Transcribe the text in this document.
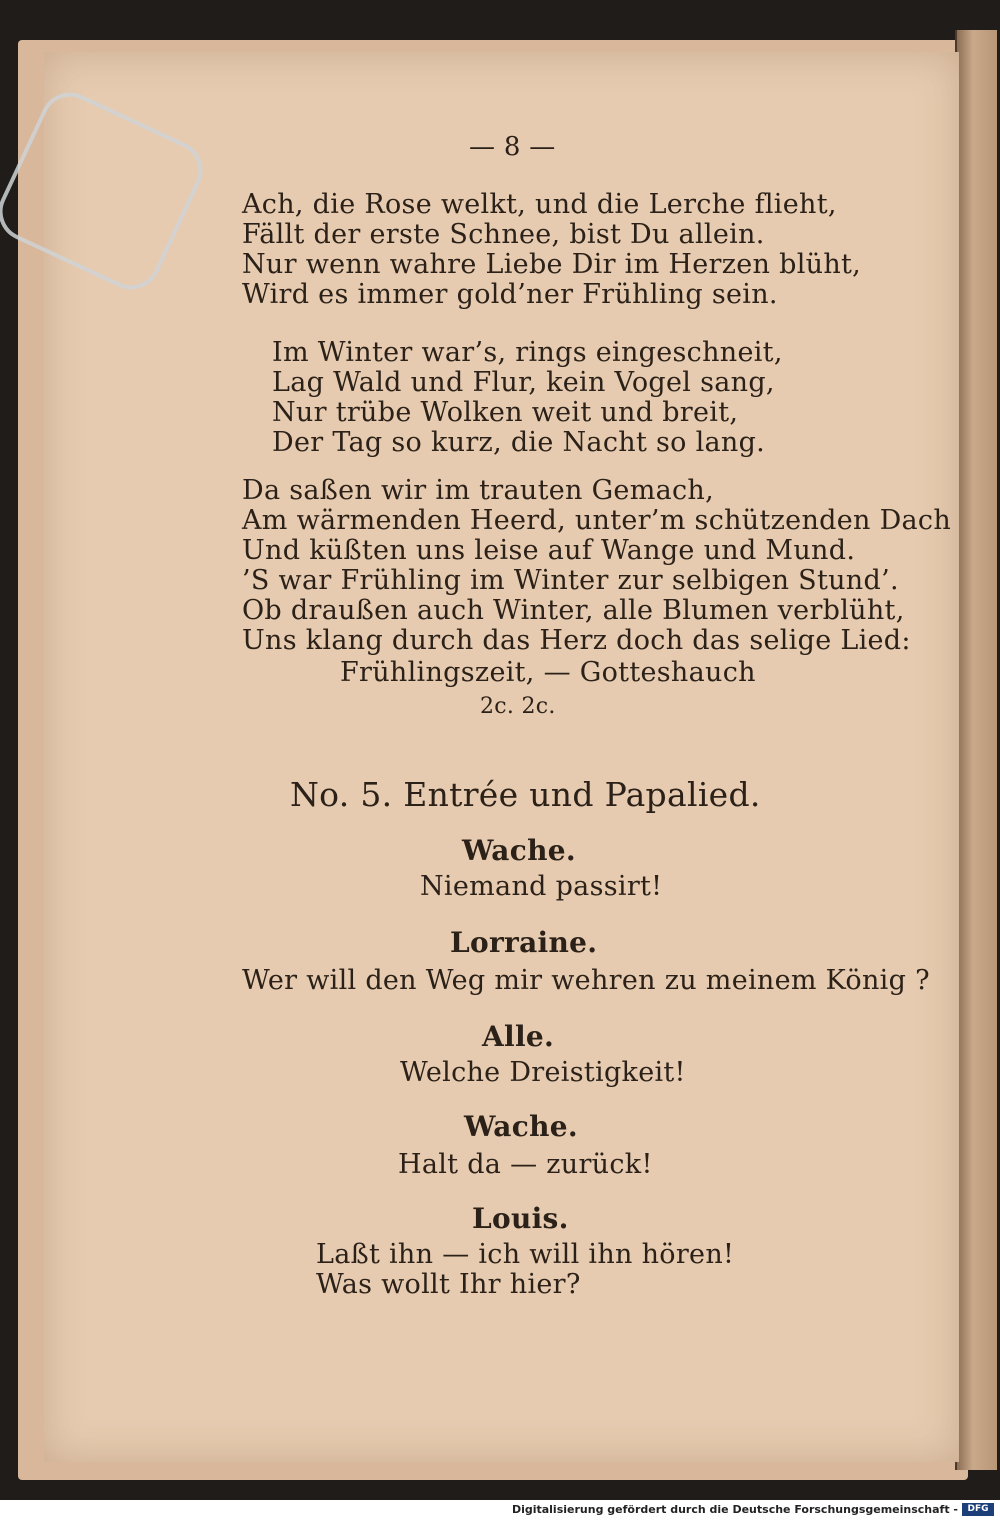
— 8 —
Ach, die Rose welkt, und die Lerche flieht,
Fällt der erste Schnee, bist Du allein.
Nur wenn wahre Liebe Dir im Herzen blüht,
Wird es immer gold’ner Frühling sein.
Im Winter war’s, rings eingeschneit,
Lag Wald und Flur, kein Vogel sang,
Nur trübe Wolken weit und breit,
Der Tag so kurz, die Nacht so lang.
Da saßen wir im trauten Gemach,
Am wärmenden Heerd, unter’m schützenden Dach
Und küßten uns leise auf Wange und Mund.
’S war Frühling im Winter zur selbigen Stund’.
Ob draußen auch Winter, alle Blumen verblüht,
Uns klang durch das Herz doch das selige Lied:
Frühlingszeit, — Gotteshauch
2c. 2c.
No. 5. Entrée und Papalied.
Wache.
Niemand passirt!
Lorraine.
Wer will den Weg mir wehren zu meinem König ?
Alle.
Welche Dreistigkeit!
Wache.
Halt da — zurück!
Louis.
Laßt ihn — ich will ihn hören!
Was wollt Ihr hier?
Digitalisierung gefördert durch die Deutsche Forschungsgemeinschaft -	DFG
